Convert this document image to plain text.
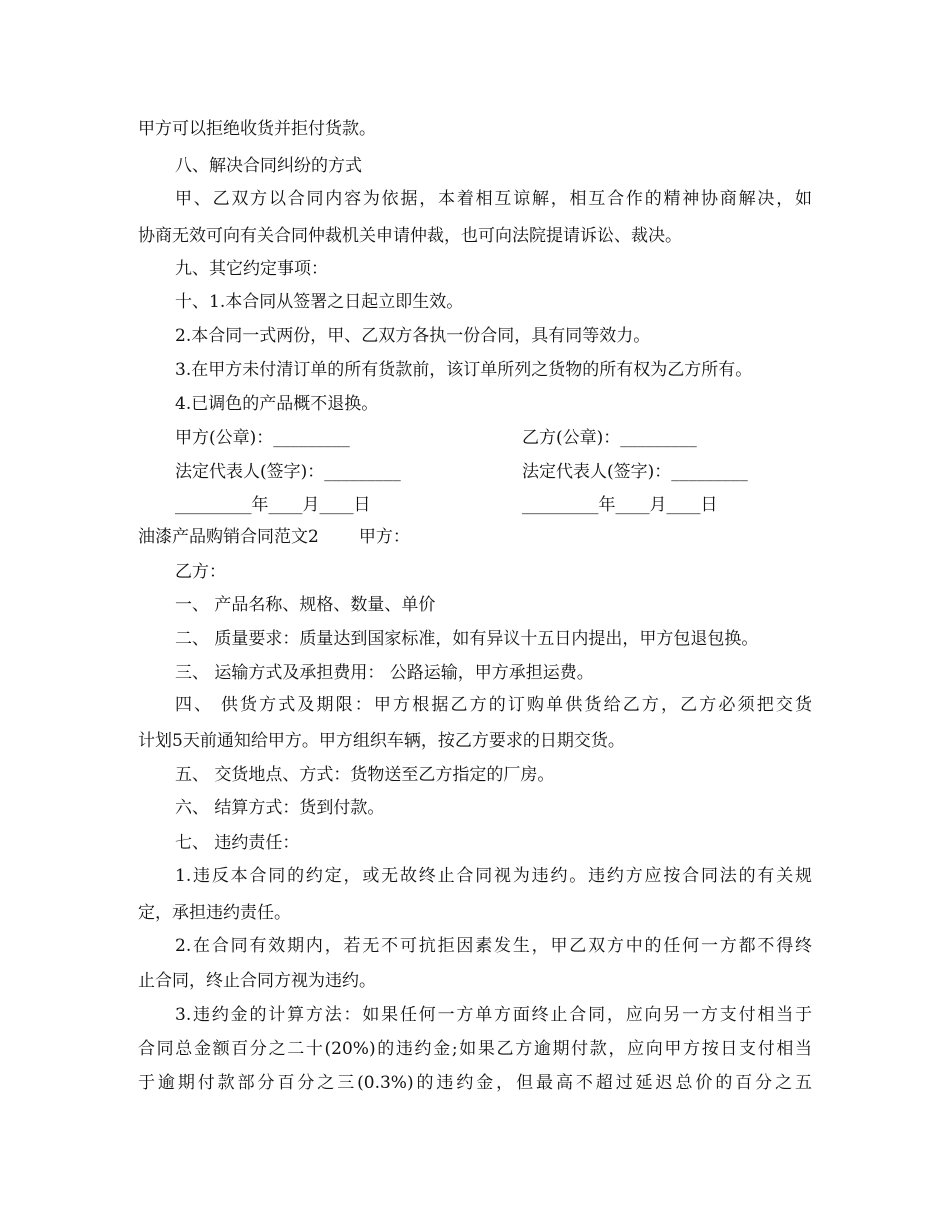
甲方可以拒绝收货并拒付货款。
八、解决合同纠纷的方式
甲、乙双方以合同内容为依据，本着相互谅解，相互合作的精神协商解决，如
协商无效可向有关合同仲裁机关申请仲裁，也可向法院提请诉讼、裁决。
九、其它约定事项：
十、1.本合同从签署之日起立即生效。
2.本合同一式两份，甲、乙双方各执一份合同，具有同等效力。
3.在甲方未付清订单的所有货款前，该订单所列之货物的所有权为乙方所有。
4.已调色的产品概不退换。
甲方(公章)：_________	乙方(公章)：_________
法定代表人(签字)：_________	法定代表人(签字)：_________
_________年____月____日	_________年____月____日
油漆产品购销合同范文2 甲方：
乙方：
一、 产品名称、规格、数量、单价
二、 质量要求：质量达到国家标准，如有异议十五日内提出，甲方包退包换。
三、 运输方式及承担费用： 公路运输，甲方承担运费。
四、 供货方式及期限：甲方根据乙方的订购单供货给乙方，乙方必须把交货
计划5天前通知给甲方。甲方组织车辆，按乙方要求的日期交货。
五、 交货地点、方式：货物送至乙方指定的厂房。
六、 结算方式：货到付款。
七、 违约责任：
1.违反本合同的约定，或无故终止合同视为违约。违约方应按合同法的有关规
定，承担违约责任。
2.在合同有效期内，若无不可抗拒因素发生，甲乙双方中的任何一方都不得终
止合同，终止合同方视为违约。
3.违约金的计算方法：如果任何一方单方面终止合同，应向另一方支付相当于
合同总金额百分之二十(20%)的违约金;如果乙方逾期付款，应向甲方按日支付相当
于逾期付款部分百分之三(0.3%)的违约金，但最高不超过延迟总价的百分之五
